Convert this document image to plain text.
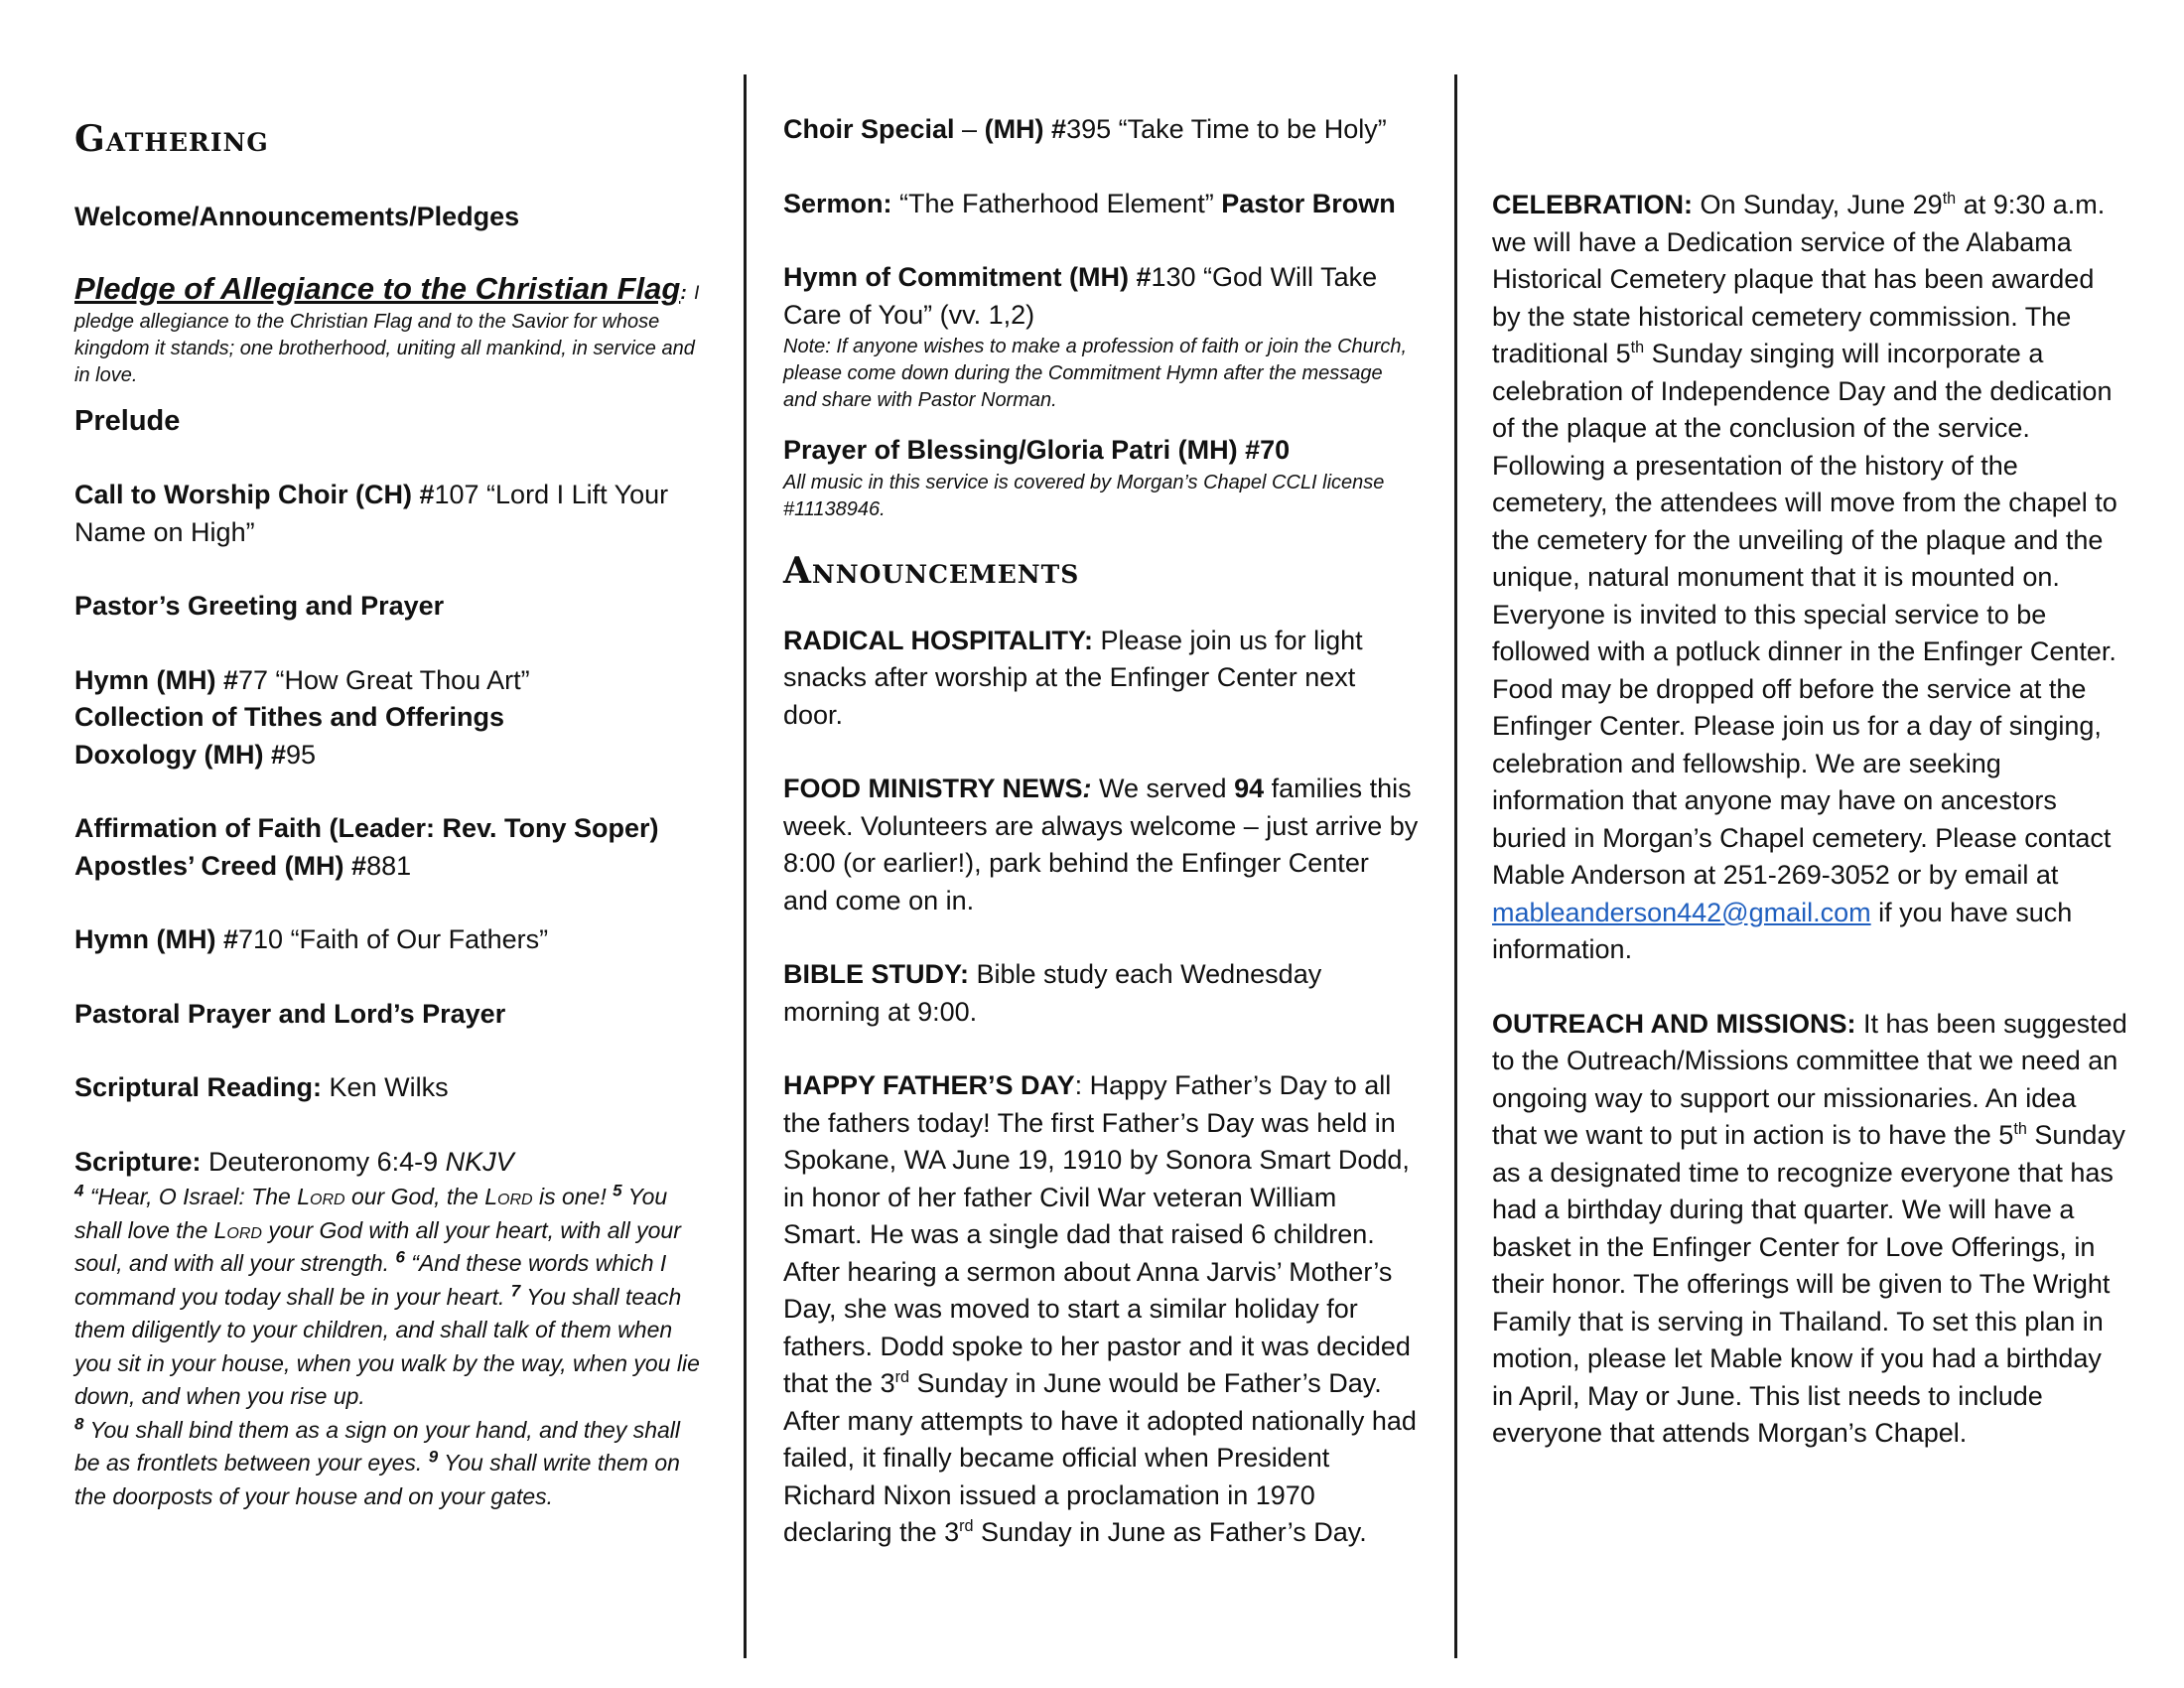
Gathering

Welcome/Announcements/Pledges

Pledge of Allegiance to the Christian Flag: I

pledge allegiance to the Christian Flag and to the Savior for whose kingdom it stands; one brotherhood, uniting all mankind, in service and in love.

Prelude

Call to Worship Choir (CH) #107 “Lord I Lift Your Name on High”

Pastor’s Greeting and Prayer

Hymn (MH) #77 “How Great Thou Art”

Collection of Tithes and Offerings

Doxology (MH) #95

Affirmation of Faith (Leader: Rev. Tony Soper)

Apostles’ Creed (MH) #881

Hymn (MH) #710 “Faith of Our Fathers”

Pastoral Prayer and Lord’s Prayer

Scriptural Reading: Ken Wilks

Scripture: Deuteronomy 6:4-9 NKJV

$^4$ “Hear, O Israel: The Lord our God, the Lord is one! $^5$ You shall love the Lord your God with all your heart, with all your soul, and with all your strength. $^6$ “And these words which I command you today shall be in your heart. $^7$ You shall teach them diligently to your children, and shall talk of them when you sit in your house, when you walk by the way, when you lie down, and when you rise up.
$^8$ You shall bind them as a sign on your hand, and they shall be as frontlets between your eyes. $^9$ You shall write them on the doorposts of your house and on your gates.

Choir Special – (MH) #395 “Take Time to be Holy”

Sermon: “The Fatherhood Element” Pastor Brown

Hymn of Commitment (MH) #130 “God Will Take Care of You” (vv. 1,2)

Note: If anyone wishes to make a profession of faith or join the Church, please come down during the Commitment Hymn after the message and share with Pastor Norman.

Prayer of Blessing/Gloria Patri (MH) #70

All music in this service is covered by Morgan’s Chapel CCLI license #11138946.

Announcements

RADICAL HOSPITALITY: Please join us for light snacks after worship at the Enfinger Center next door.

FOOD MINISTRY NEWS: We served 94 families this week. Volunteers are always welcome – just arrive by 8:00 (or earlier!), park behind the Enfinger Center and come on in.

BIBLE STUDY: Bible study each Wednesday morning at 9:00.

HAPPY FATHER’S DAY: Happy Father’s Day to all the fathers today! The first Father’s Day was held in Spokane, WA June 19, 1910 by Sonora Smart Dodd, in honor of her father Civil War veteran William Smart. He was a single dad that raised 6 children. After hearing a sermon about Anna Jarvis’ Mother’s Day, she was moved to start a similar holiday for fathers. Dodd spoke to her pastor and it was decided that the 3rd Sunday in June would be Father’s Day. After many attempts to have it adopted nationally had failed, it finally became official when President Richard Nixon issued a proclamation in 1970 declaring the 3rd Sunday in June as Father’s Day.

CELEBRATION: On Sunday, June 29th at 9:30 a.m. we will have a Dedication service of the Alabama Historical Cemetery plaque that has been awarded by the state historical cemetery commission. The traditional 5th Sunday singing will incorporate a celebration of Independence Day and the dedication of the plaque at the conclusion of the service. Following a presentation of the history of the cemetery, the attendees will move from the chapel to the cemetery for the unveiling of the plaque and the unique, natural monument that it is mounted on. Everyone is invited to this special service to be followed with a potluck dinner in the Enfinger Center. Food may be dropped off before the service at the Enfinger Center. Please join us for a day of singing, celebration and fellowship. We are seeking information that anyone may have on ancestors buried in Morgan’s Chapel cemetery. Please contact Mable Anderson at 251-269-3052 or by email at mableanderson442@gmail.com if you have such information.

OUTREACH AND MISSIONS: It has been suggested to the Outreach/Missions committee that we need an ongoing way to support our missionaries. An idea that we want to put in action is to have the 5th Sunday as a designated time to recognize everyone that has had a birthday during that quarter. We will have a basket in the Enfinger Center for Love Offerings, in their honor. The offerings will be given to The Wright Family that is serving in Thailand. To set this plan in motion, please let Mable know if you had a birthday in April, May or June. This list needs to include everyone that attends Morgan’s Chapel.
